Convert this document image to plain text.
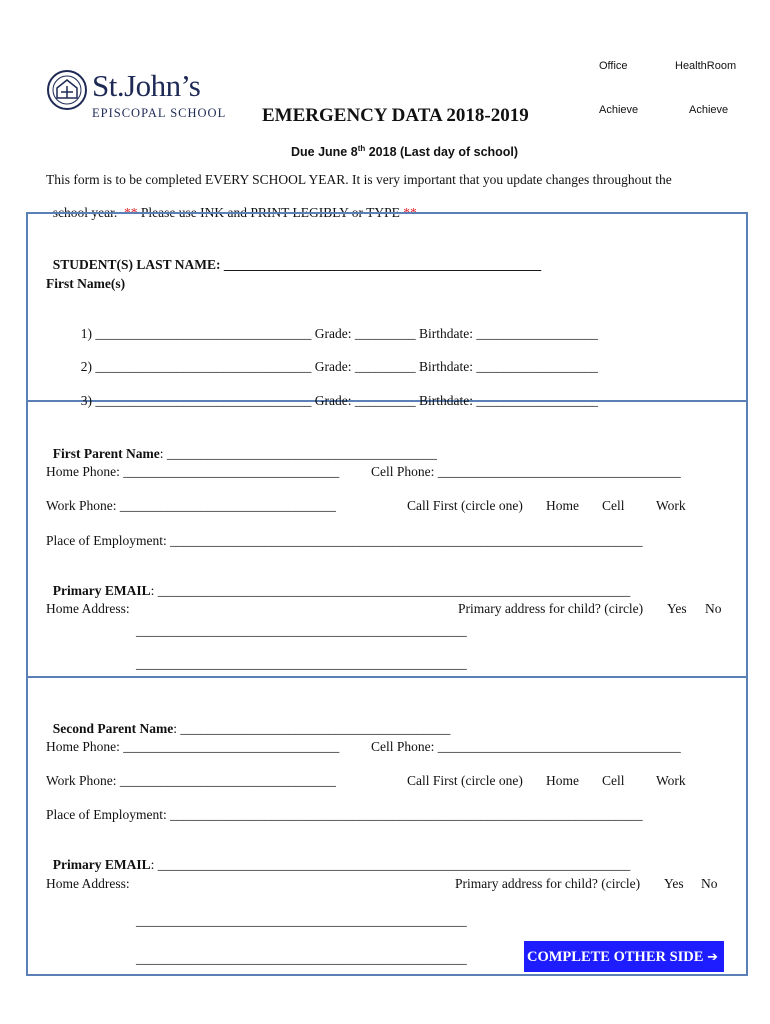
St.John’s
EPISCOPAL SCHOOL
Office	HealthRoom
Achieve	Achieve
EMERGENCY DATA 2018-2019
Due June 8th 2018 (Last day of school)
This form is to be completed EVERY SCHOOL YEAR. It is very important that you update changes throughout the

school year.  ** Please use INK and PRINT LEGIBLY or TYPE **

STUDENT(S) LAST NAME: _______________________________________________

First Name(s)

1) ________________________________ Grade: _________ Birthdate: __________________

2) ________________________________ Grade: _________ Birthdate: __________________

3) ________________________________ Grade: _________ Birthdate: __________________

First Parent Name: ________________________________________

Home Phone: ________________________________ Cell Phone: ____________________________________
Work Phone: ________________________________	Call First (circle one) Home Cell Work
Place of Employment: ______________________________________________________________________

Primary EMAIL: ______________________________________________________________________

Home Address:	Primary address for child? (circle) Yes No
_________________________________________________
_________________________________________________

Second Parent Name: ________________________________________

Home Phone: ________________________________ Cell Phone: ____________________________________
Work Phone: ________________________________	Call First (circle one) Home Cell Work
Place of Employment: ______________________________________________________________________

Primary EMAIL: ______________________________________________________________________

Home Address:	Primary address for child? (circle) Yes No
_________________________________________________
_________________________________________________	COMPLETE OTHER SIDE ➔
